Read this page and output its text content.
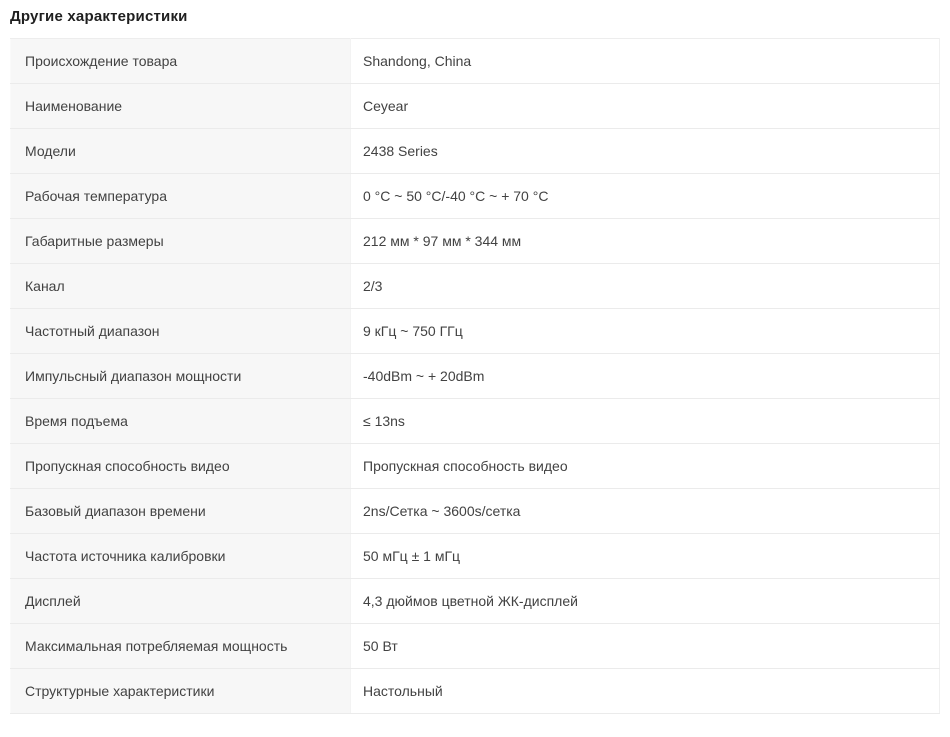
Другие характеристики
Происхождение товара	Shandong, China
Наименование	Ceyear
Модели	2438 Series
Рабочая температура	0 °C ~ 50 °C/-40 °C ~ + 70 °C
Габаритные размеры	212 мм * 97 мм * 344 мм
Канал	2/3
Частотный диапазон	9 кГц ~ 750 ГГц
Импульсный диапазон мощности	-40dBm ~ + 20dBm
Время подъема	≤ 13ns
Пропускная способность видео	Пропускная способность видео
Базовый диапазон времени	2ns/Сетка ~ 3600s/сетка
Частота источника калибровки	50 мГц ± 1 мГц
Дисплей	4,3 дюймов цветной ЖК-дисплей
Максимальная потребляемая мощность	50 Вт
Структурные характеристики	Настольный
